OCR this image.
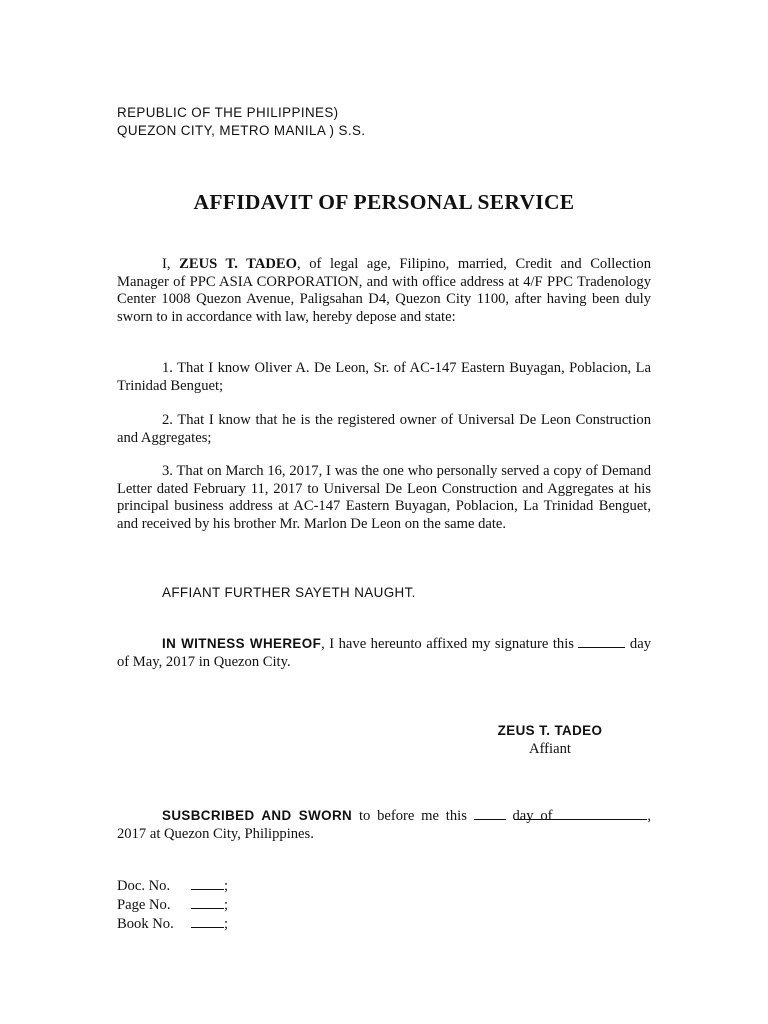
REPUBLIC OF THE PHILIPPINES)
QUEZON CITY, METRO MANILA ) S.S.
AFFIDAVIT OF PERSONAL SERVICE

I, ZEUS T. TADEO, of legal age, Filipino, married, Credit and Collection Manager of PPC ASIA CORPORATION, and with office address at 4/F PPC Tradenology Center 1008 Quezon Avenue, Paligsahan D4, Quezon City 1100, after having been duly sworn to in accordance with law, hereby depose and state:

1. That I know Oliver A. De Leon, Sr. of AC-147 Eastern Buyagan, Poblacion, La Trinidad Benguet;

2. That I know that he is the registered owner of Universal De Leon Construction and Aggregates;

3. That on March 16, 2017, I was the one who personally served a copy of Demand Letter dated February 11, 2017 to Universal De Leon Construction and Aggregates at his principal business address at AC-147 Eastern Buyagan, Poblacion, La Trinidad Benguet, and received by his brother Mr. Marlon De Leon on the same date.

AFFIANT FURTHER SAYETH NAUGHT.

IN WITNESS WHEREOF, I have hereunto affixed my signature this	day of May, 2017 in Quezon City.

ZEUS T. TADEO
Affiant

SUSBCRIBED AND SWORN to before me this  day of	, 2017 at Quezon City, Philippines.

Doc. No.	;
Page No.	;
Book No.	;
